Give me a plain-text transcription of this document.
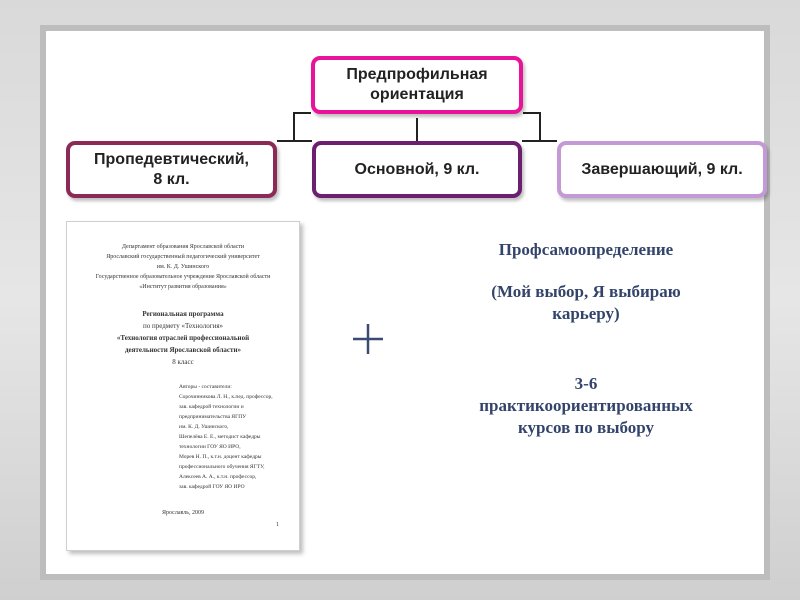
Предпрофильная
ориентация
Пропедевтический,
8 кл.
Основной, 9 кл.	Завершающий, 9 кл.
Департамент образования Ярославской области
Ярославский государственный педагогический университет
им. К. Д. Ушинского
Государственное образовательное учреждение Ярославской области
«Институт развития образования»
Региональная программа
по предмету «Технология»
«Технология отраслей профессиональной
деятельности Ярославской области»
8 класс
Авторы - составители:
Сорочинникова Л. Н., к.пед. профессор,
зав. кафедрой технологии и
предпринимательства ЯГПУ
им. К. Д. Ушинского,
Шепелёва Е. Е., методист кафедры
технологии ГОУ ЯО ИРО,
Морев Н. П., к.т.н. доцент кафедры
профессионального обучения ЯГТУ,
Алексеев А. А., к.т.н. профессор,
зав. кафедрой ГОУ ЯО ИРО
Ярославль, 2009
1
Профсамоопределение
(Мой выбор, Я выбираю
карьеру)
3-6
практикоориентированных
курсов по выбору
